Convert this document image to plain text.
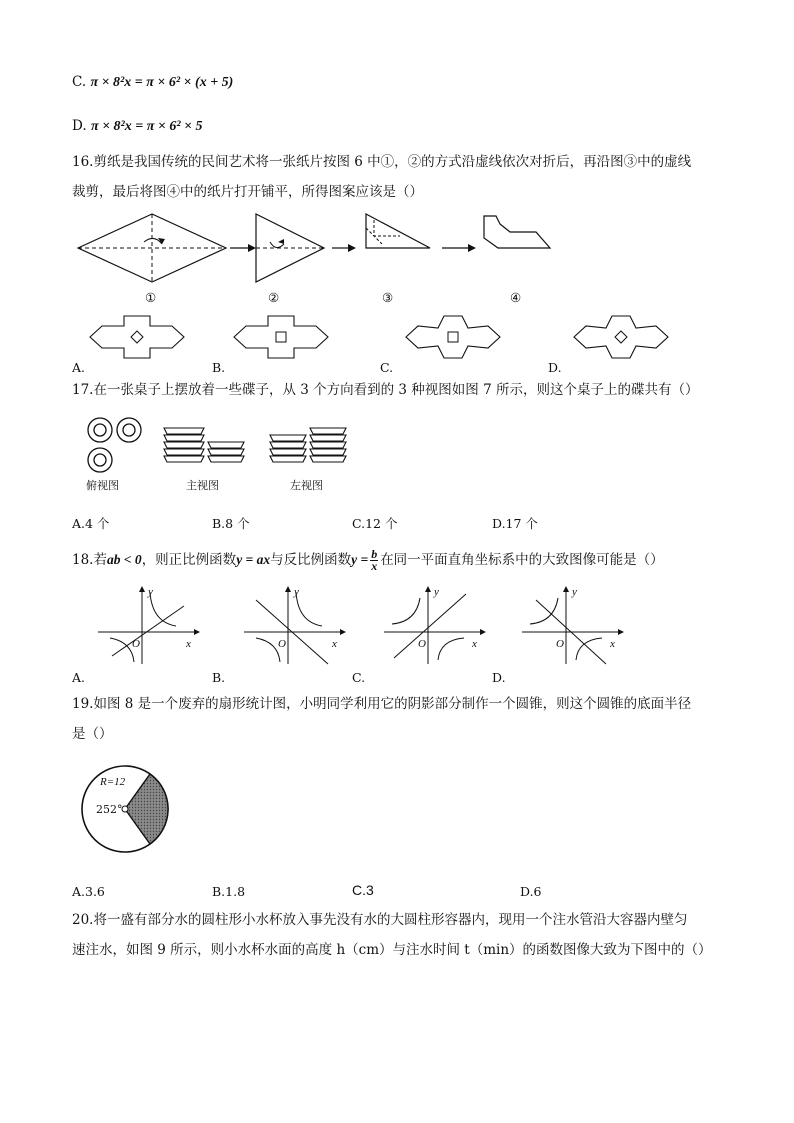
C. π × 8²x = π × 6² × (x + 5)
D. π × 8²x = π × 6² × 5
16.剪纸是我国传统的民间艺术将一张纸片按图 6 中①，②的方式沿虚线依次对折后，再沿图③中的虚线
裁剪，最后将图④中的纸片打开铺平，所得图案应该是（）
①	②	③	④
A.	B.	C.	D.
17.在一张桌子上摆放着一些碟子，从 3 个方向看到的 3 种视图如图 7 所示，则这个桌子上的碟共有（）
俯视图	主视图	左视图
A.4 个	B.8 个	C.12 个	D.17 个
18.若ab < 0，则正比例函数y = ax与反比例函数$y = \frac{b}{x}$ 在同一平面直角坐标系中的大致图像可能是（）
y
x
O
y
x
O
y
x
O
y
x
O
A.	B.	C.	D.
19.如图 8 是一个废弃的扇形统计图，小明同学利用它的阴影部分制作一个圆锥，则这个圆锥的底面半径
是（）
R=12
252°
A.3.6	B.1.8	C.3	D.6
20.将一盛有部分水的圆柱形小水杯放入事先没有水的大圆柱形容器内，现用一个注水管沿大容器内壁匀
速注水，如图 9 所示，则小水杯水面的高度 h（cm）与注水时间 t（min）的函数图像大致为下图中的（）
